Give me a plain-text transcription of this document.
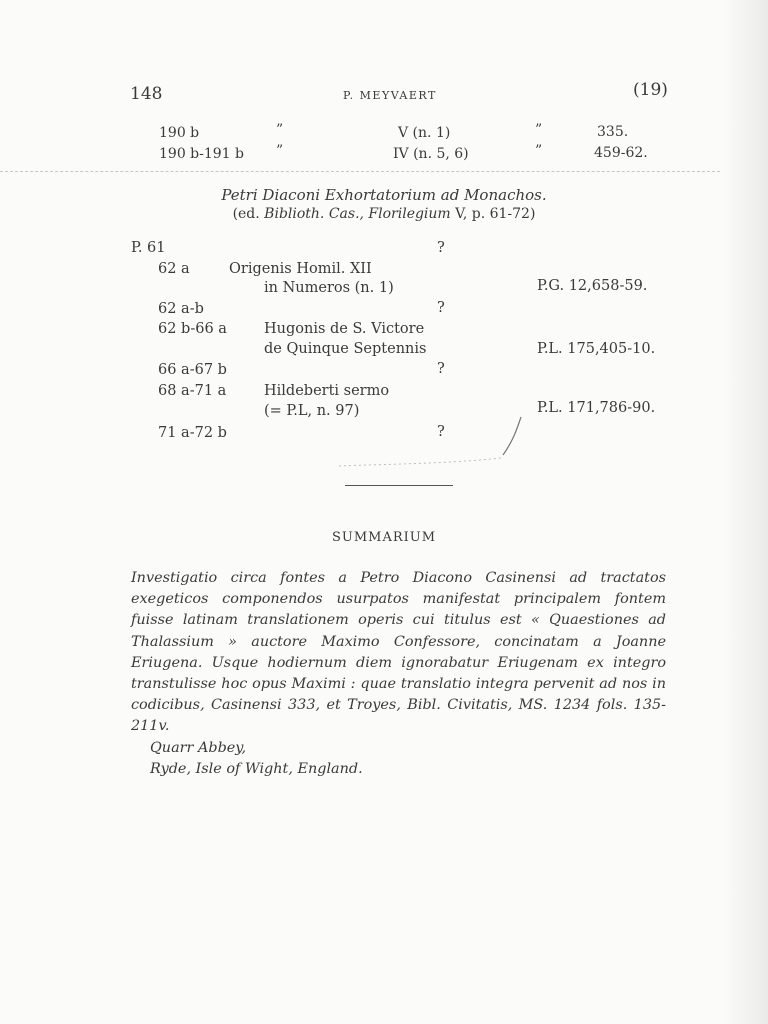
148	P. MEYVAERT	(19)
190 b	”	V (n. 1)	”	335.
190 b-191 b ”	IV (n. 5, 6)	”	459-62.
Petri Diaconi Exhortatorium ad Monachos.
(ed. Biblioth. Cas., Florilegium V, p. 61-72)
P. 61	?
62 a	Origenis Homil. XII
in Numeros (n. 1)	P.G. 12,658-59.
62 a-b	?
62 b-66 a	Hugonis de S. Victore
de Quinque Septennis	P.L. 175,405-10.
66 a-67 b	?
68 a-71 a	Hildeberti sermo
(= P.L, n. 97)	P.L. 171,786-90.
71 a-72 b	?
SUMMARIUM
Investigatio circa fontes a Petro Diacono Casinensi ad tractatos exegeticos componendos usurpatos manifestat principalem fontem fuisse latinam translationem operis cui titulus est « Quaestiones ad Thalassium » auctore Maximo Confessore, concinatam a Joanne Eriugena. Usque hodiernum diem ignorabatur Eriugenam ex integro transtulisse hoc opus Maximi : quae translatio integra pervenit ad nos in codicibus, Casinensi 333, et Troyes, Bibl. Civitatis, MS. 1234 fols. 135-211v.
Quarr Abbey,
Ryde, Isle of Wight, England.
